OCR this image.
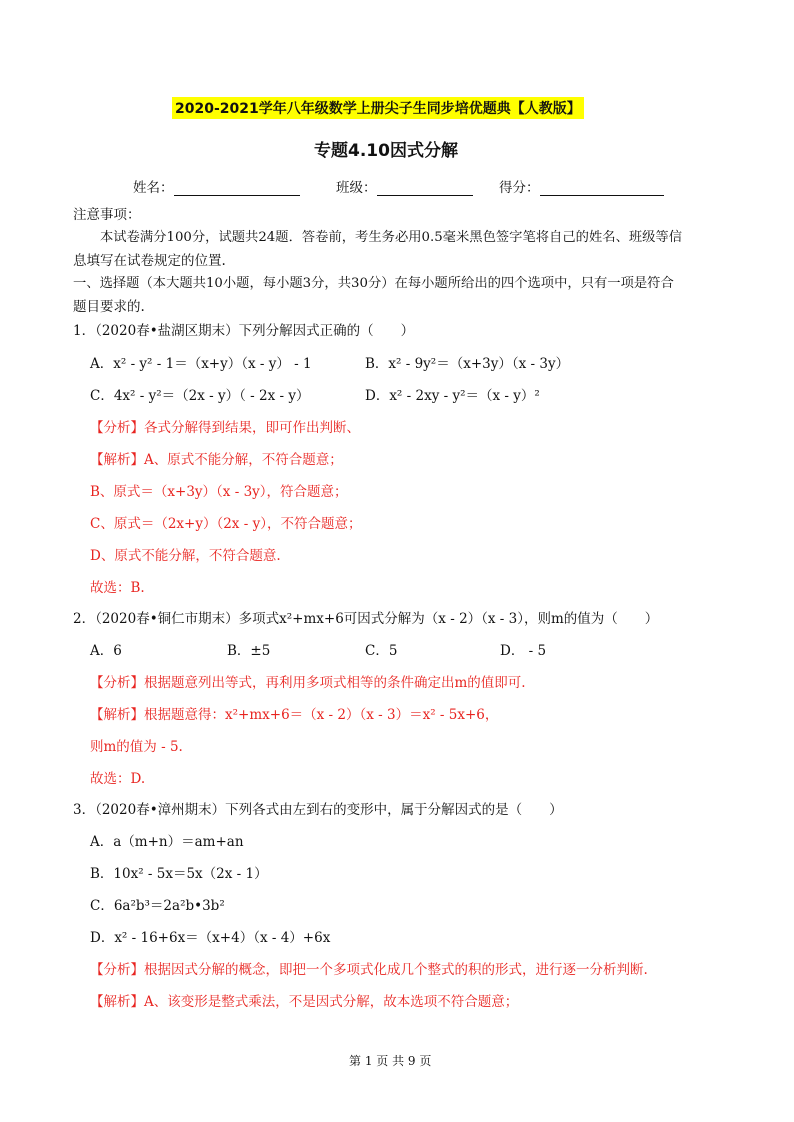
2020-2021学年八年级数学上册尖子生同步培优题典【人教版】
专题4.10因式分解
姓名：	班级：	得分：
注意事项：
本试卷满分100分，试题共24题．答卷前，考生务必用0.5毫米黑色签字笔将自己的姓名、班级等信
息填写在试卷规定的位置.
一、选择题（本大题共10小题，每小题3分，共30分）在每小题所给出的四个选项中，只有一项是符合
题目要求的.
1．（2020春•盐湖区期末）下列分解因式正确的（　　）
A．x² - y² - 1＝（x+y）（x - y） - 1	B．x² - 9y²＝（x+3y）（x - 3y）
C．4x² - y²＝（2x - y）（ - 2x - y）	D．x² - 2xy - y²＝（x - y）²
【分析】各式分解得到结果，即可作出判断、
【解析】A、原式不能分解，不符合题意；
B、原式＝（x+3y）（x - 3y），符合题意；
C、原式＝（2x+y）（2x - y），不符合题意；
D、原式不能分解，不符合题意.
故选：B.
2．（2020春•铜仁市期末）多项式x²+mx+6可因式分解为（x - 2）（x - 3），则m的值为（　　）
A．6	B．±5	C．5	D． - 5
【分析】根据题意列出等式，再利用多项式相等的条件确定出m的值即可.
【解析】根据题意得：x²+mx+6＝（x - 2）（x - 3）＝x² - 5x+6，
则m的值为 - 5.
故选：D.
3．（2020春•漳州期末）下列各式由左到右的变形中，属于分解因式的是（　　）
A．a（m+n）＝am+an
B．10x² - 5x＝5x（2x - 1）
C．6a²b³＝2a²b•3b²
D．x² - 16+6x＝（x+4）（x - 4）+6x
【分析】根据因式分解的概念，即把一个多项式化成几个整式的积的形式，进行逐一分析判断.
【解析】A、该变形是整式乘法，不是因式分解，故本选项不符合题意；
第 1 页 共 9 页
